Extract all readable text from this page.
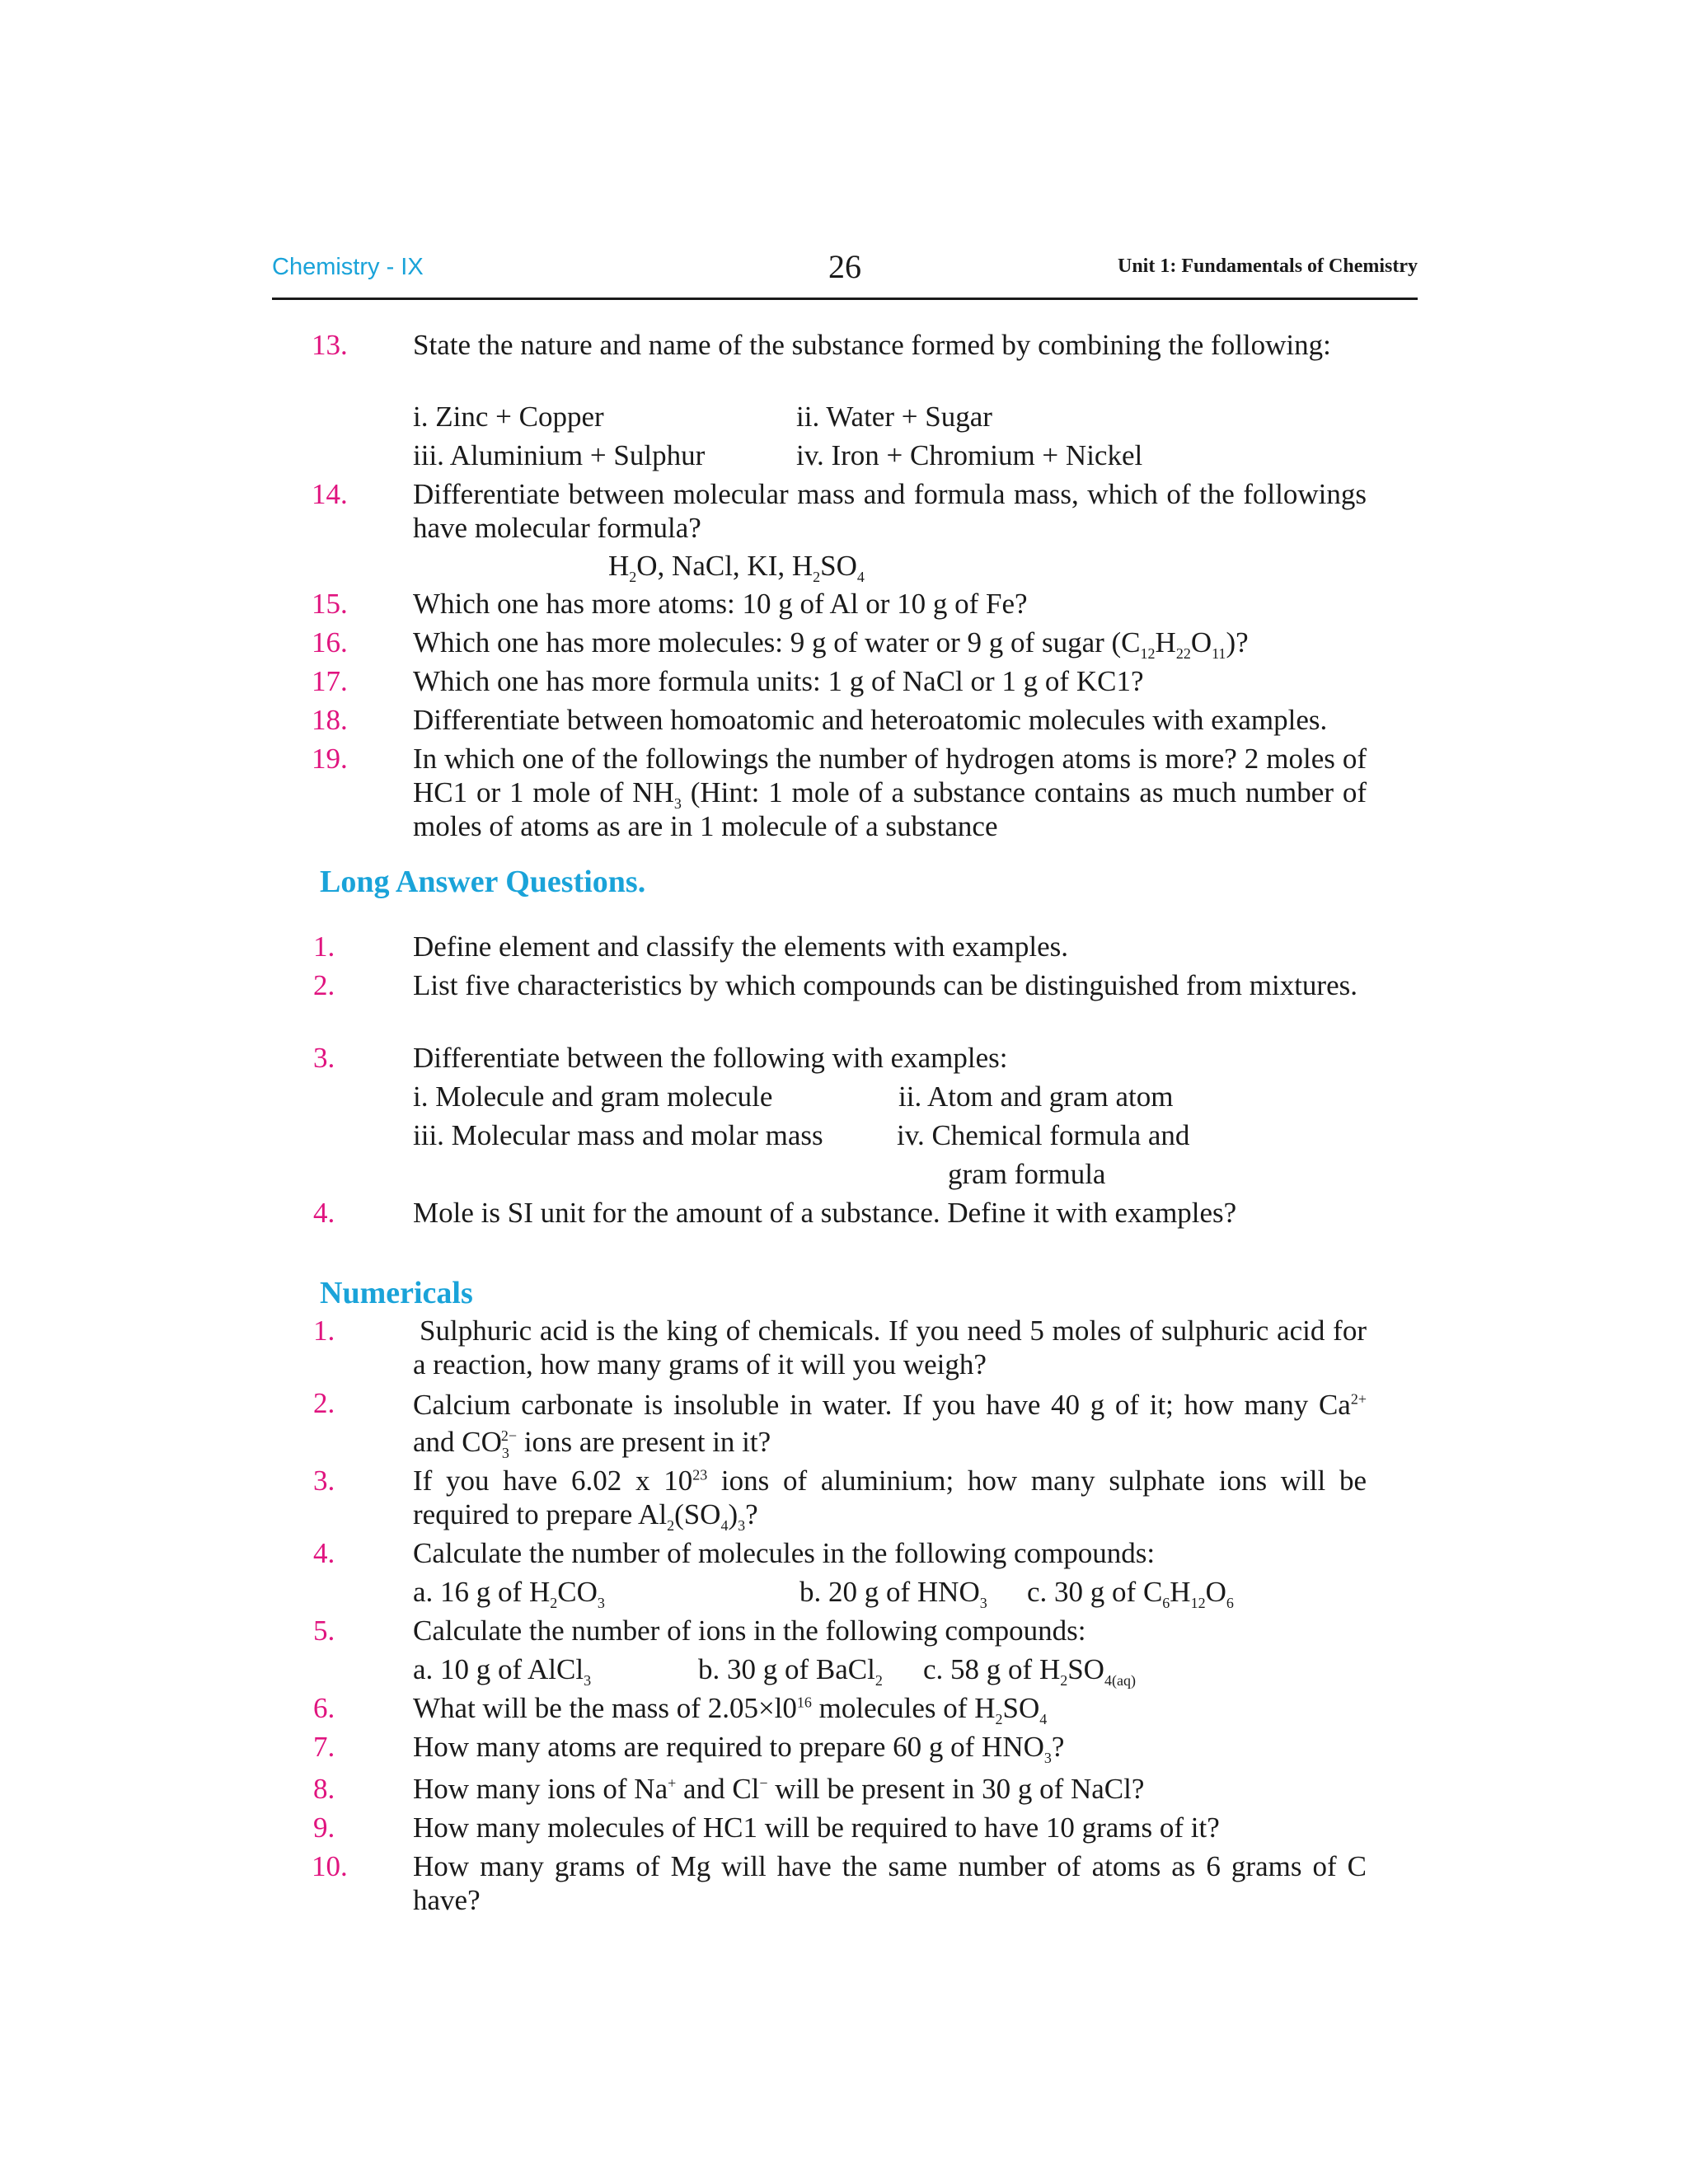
Chemistry - IX	26	Unit 1: Fundamentals of Chemistry
13. State the nature and name of the substance formed by combining the following:
i. Zinc + Copper	ii. Water + Sugar
iii. Aluminium + Sulphur	iv. Iron + Chromium + Nickel
14. Differentiate between molecular mass and formula mass, which of the followings have molecular formula?
$H_2O$, NaCl, KI, $H_2SO_4$
15. Which one has more atoms: 10 g of Al or 10 g of Fe?
16. Which one has more molecules: 9 g of water or 9 g of sugar $(C_{12}H_{22}O_{11})$?
17. Which one has more formula units: 1 g of NaCl or 1 g of KC1?
18. Differentiate between homoatomic and heteroatomic molecules with examples.
19. In which one of the followings the number of hydrogen atoms is more? 2 moles of HC1 or 1 mole of $NH_3$ (Hint: 1 mole of a substance contains as much number of moles of atoms as are in 1 molecule of a substance
Long Answer Questions.
1.	Define element and classify the elements with examples.
2.	List five characteristics by which compounds can be distinguished from mixtures.
3.	Differentiate between the following with examples:
i. Molecule and gram molecule	ii. Atom and gram atom
iii. Molecular mass and molar mass	iv. Chemical formula and
gram formula
4.	Mole is SI unit for the amount of a substance. Define it with examples?
Numericals
1.	Sulphuric acid is the king of chemicals. If you need 5 moles of sulphuric acid for a reaction, how many grams of it will you weigh?
2.	Calcium carbonate is insoluble in water. If you have 40 g of it; how many $Ca^{2+}$ and $CO_3^{2-}$ ions are present in it?
3.	If you have 6.02 x $10^{23}$ ions of aluminium; how many sulphate ions will be required to prepare $Al_2(SO_4)_3$?
4.	Calculate the number of molecules in the following compounds:
a. 16 g of $H_2CO_3$	b. 20 g of $HNO_3$ c. 30 g of $C_6H_{12}O_6$
5.	Calculate the number of ions in the following compounds:
a. 10 g of AlCl$_3$	b. 30 g of BaCl$_2$ c. 58 g of $H_2SO_{4(aq)}$
6.	What will be the mass of $2.05\times l0^{16}$ molecules of $H_2SO_4$
7.	How many atoms are required to prepare 60 g of $HNO_3$?
8.	How many ions of Na+ and Cl− will be present in 30 g of NaCl?
9.	How many molecules of HC1 will be required to have 10 grams of it?
10. How many grams of Mg will have the same number of atoms as 6 grams of C have?
